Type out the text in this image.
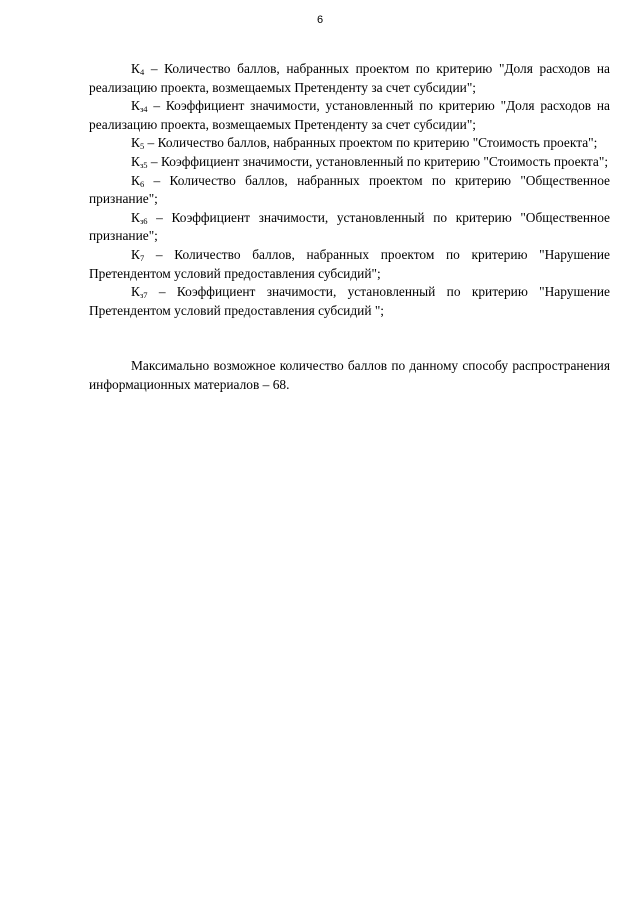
6

$К_4$ – Количество баллов, набранных проектом по критерию "Доля расходов на реализацию проекта, возмещаемых Претенденту за счет субсидии";

$К_{з4}$ – Коэффициент значимости, установленный по критерию "Доля расходов на реализацию проекта, возмещаемых Претенденту за счет субсидии";

$К_5$ – Количество баллов, набранных проектом по критерию "Стоимость проекта";

$К_{з5}$ – Коэффициент значимости, установленный по критерию "Стоимость проекта";

$К_6$ – Количество баллов, набранных проектом по критерию "Общественное признание";

$К_{з6}$ – Коэффициент значимости, установленный по критерию "Общественное признание";

$К_7$ – Количество баллов, набранных проектом по критерию "Нарушение Претендентом условий предоставления субсидий";

$К_{з7}$ – Коэффициент значимости, установленный по критерию "Нарушение Претендентом условий предоставления субсидий ";

Максимально возможное количество баллов по данному способу распространения информационных материалов – 68.
